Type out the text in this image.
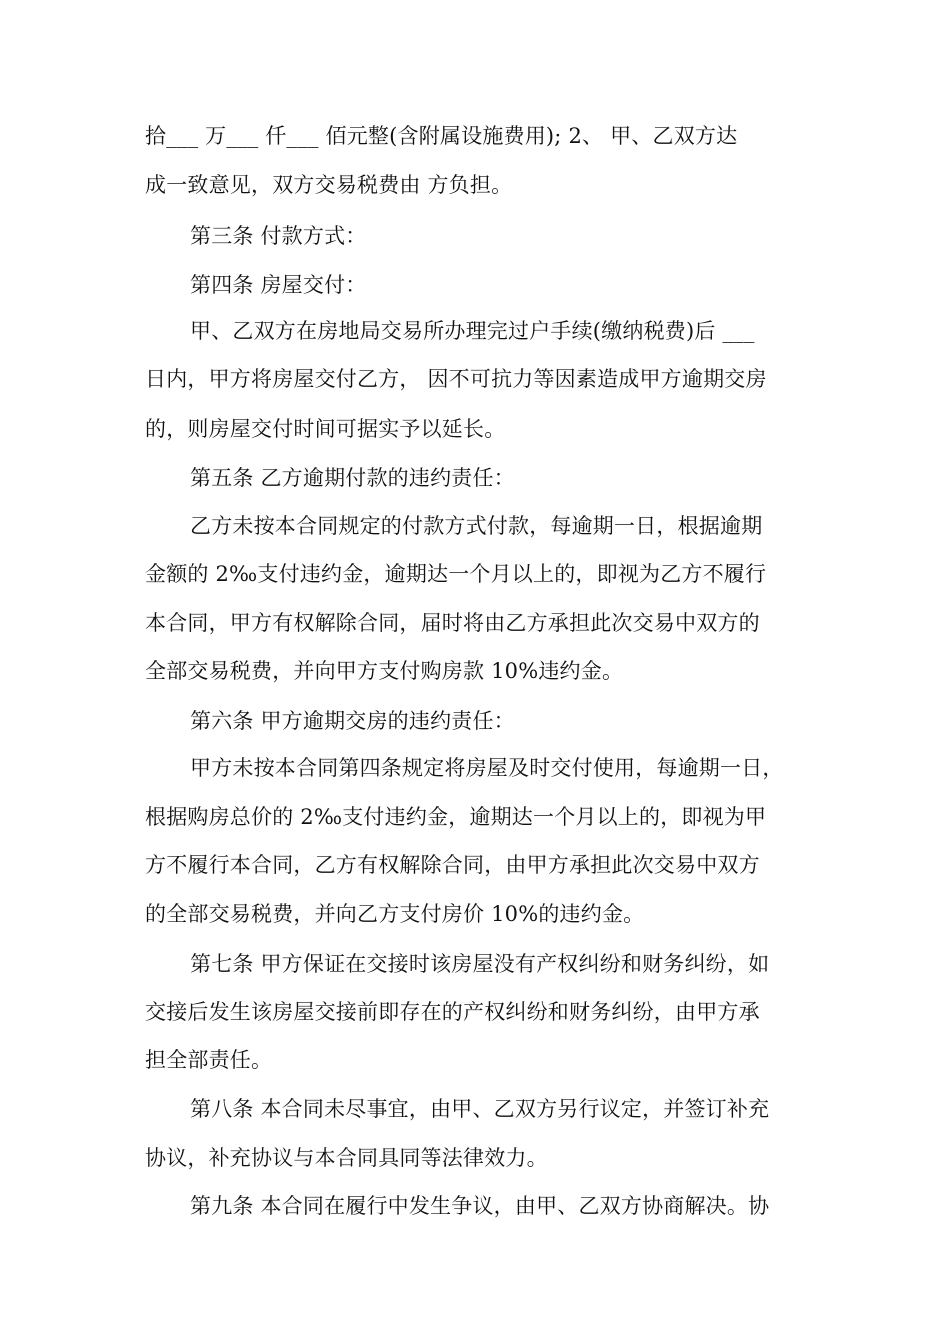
拾___ 万___ 仟___ 佰元整(含附属设施费用); 2、 甲、乙双方达
成一致意见，双方交易税费由 方负担。
第三条 付款方式：
第四条 房屋交付：
甲、乙双方在房地局交易所办理完过户手续(缴纳税费)后 ___
日内，甲方将房屋交付乙方， 因不可抗力等因素造成甲方逾期交房
的，则房屋交付时间可据实予以延长。
第五条 乙方逾期付款的违约责任：
乙方未按本合同规定的付款方式付款，每逾期一日，根据逾期
金额的 2‰支付违约金，逾期达一个月以上的，即视为乙方不履行
本合同，甲方有权解除合同，届时将由乙方承担此次交易中双方的
全部交易税费，并向甲方支付购房款 10%违约金。
第六条 甲方逾期交房的违约责任：
甲方未按本合同第四条规定将房屋及时交付使用，每逾期一日，
根据购房总价的 2‰支付违约金，逾期达一个月以上的，即视为甲
方不履行本合同，乙方有权解除合同，由甲方承担此次交易中双方
的全部交易税费，并向乙方支付房价 10%的违约金。
第七条 甲方保证在交接时该房屋没有产权纠纷和财务纠纷，如
交接后发生该房屋交接前即存在的产权纠纷和财务纠纷，由甲方承
担全部责任。
第八条 本合同未尽事宜，由甲、乙双方另行议定，并签订补充
协议，补充协议与本合同具同等法律效力。
第九条 本合同在履行中发生争议，由甲、乙双方协商解决。协
